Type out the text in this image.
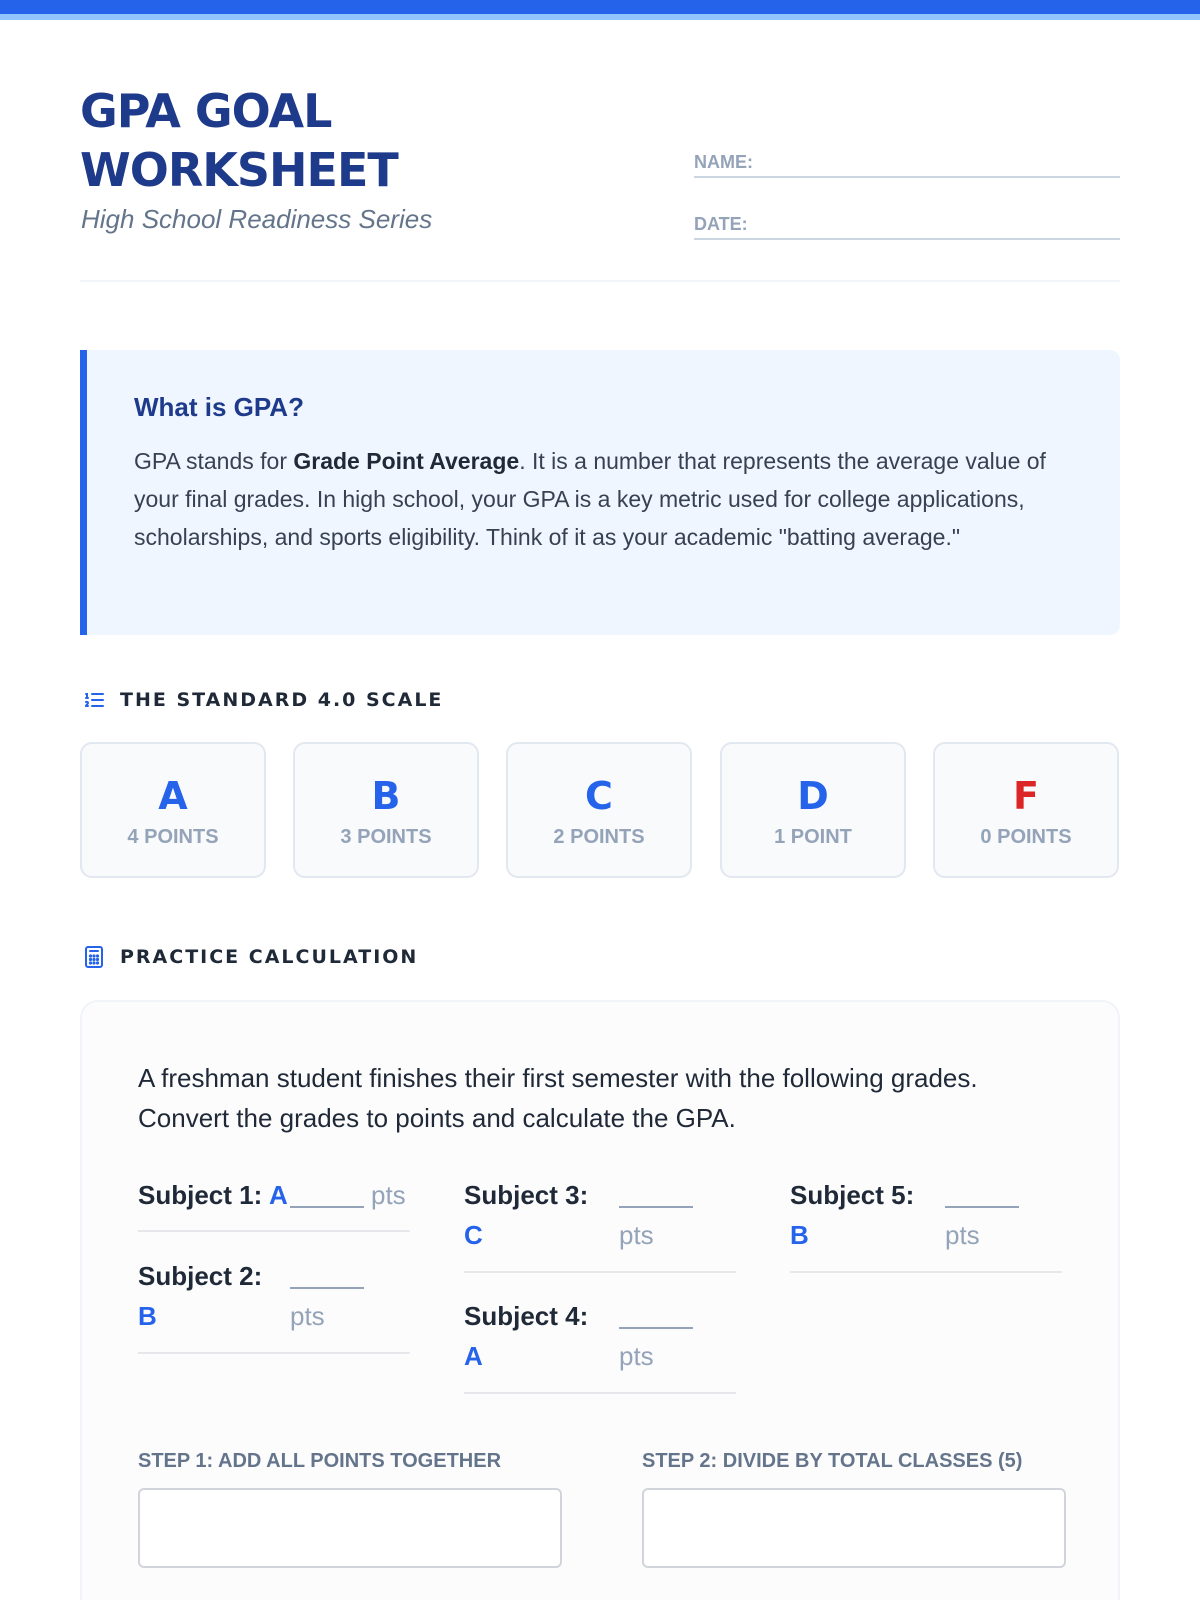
GPA GOAL WORKSHEET
High School Readiness Series
NAME:
DATE:
What is GPA?

GPA stands for Grade Point Average. It is a number that represents the average value of your final grades. In high school, your GPA is a key metric used for college applications, scholarships, and sports eligibility. Think of it as your academic "batting average."

THE STANDARD 4.0 SCALE
A
4 POINTS
B
3 POINTS
C
2 POINTS
D
1 POINT
F
0 POINTS
PRACTICE CALCULATION
A freshman student finishes their first semester with the following grades. Convert the grades to points and calculate the GPA.
Subject 1: A	pts
Subject 2:
B	pts
Subject 3:
C	pts
Subject 4:
A	pts
Subject 5:
B	pts
STEP 1: ADD ALL POINTS TOGETHER	STEP 2: DIVIDE BY TOTAL CLASSES (5)
